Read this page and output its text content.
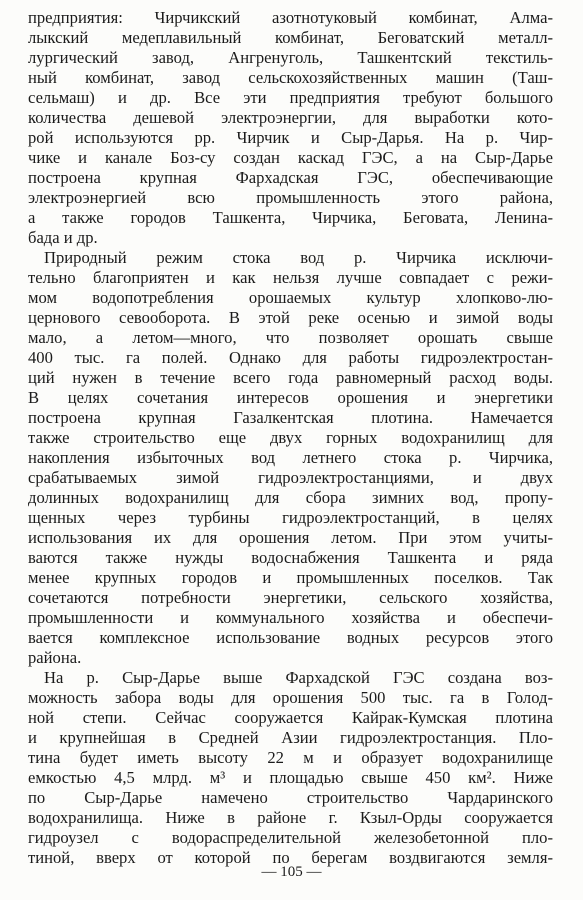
предприятия: Чирчикский азотнотуковый комбинат, Алма-
лыкский медеплавильный комбинат, Беговатский металл-
лургический завод, Ангренуголь, Ташкентский текстиль-
ный комбинат, завод сельскохозяйственных машин (Таш-
сельмаш) и др. Все эти предприятия требуют большого
количества дешевой электроэнергии, для выработки кото-
рой используются рр. Чирчик и Сыр-Дарья. На р. Чир-
чике и канале Боз-су создан каскад ГЭС, а на Сыр-Дарье
построена крупная Фархадская ГЭС, обеспечивающие
электроэнергией всю промышленность этого района,
а также городов Ташкента, Чирчика, Беговата, Ленина-
бада и др.
Природный режим стока вод р. Чирчика исключи-
тельно благоприятен и как нельзя лучше совпадает с режи-
мом водопотребления орошаемых культур хлопково-лю-
цернового севооборота. В этой реке осенью и зимой воды
мало, а летом—много, что позволяет орошать свыше
400 тыс. га полей. Однако для работы гидроэлектростан-
ций нужен в течение всего года равномерный расход воды.
В целях сочетания интересов орошения и энергетики
построена крупная Газалкентская плотина. Намечается
также строительство еще двух горных водохранилищ для
накопления избыточных вод летнего стока р. Чирчика,
срабатываемых зимой гидроэлектростанциями, и двух
долинных водохранилищ для сбора зимних вод, пропу-
щенных через турбины гидроэлектростанций, в целях
использования их для орошения летом. При этом учиты-
ваются также нужды водоснабжения Ташкента и ряда
менее крупных городов и промышленных поселков. Так
сочетаются потребности энергетики, сельского хозяйства,
промышленности и коммунального хозяйства и обеспечи-
вается комплексное использование водных ресурсов этого
района.
На р. Сыр-Дарье выше Фархадской ГЭС создана воз-
можность забора воды для орошения 500 тыс. га в Голод-
ной степи. Сейчас сооружается Кайрак-Кумская плотина
и крупнейшая в Средней Азии гидроэлектростанция. Пло-
тина будет иметь высоту 22 м и образует водохранилище
емкостью 4,5 млрд. м³ и площадью свыше 450 км². Ниже
по Сыр-Дарье намечено строительство Чардаринского
водохранилища. Ниже в районе г. Кзыл-Орды сооружается
гидроузел с водораспределительной железобетонной пло-
тиной, вверх от которой по берегам воздвигаются земля-
— 105 —
